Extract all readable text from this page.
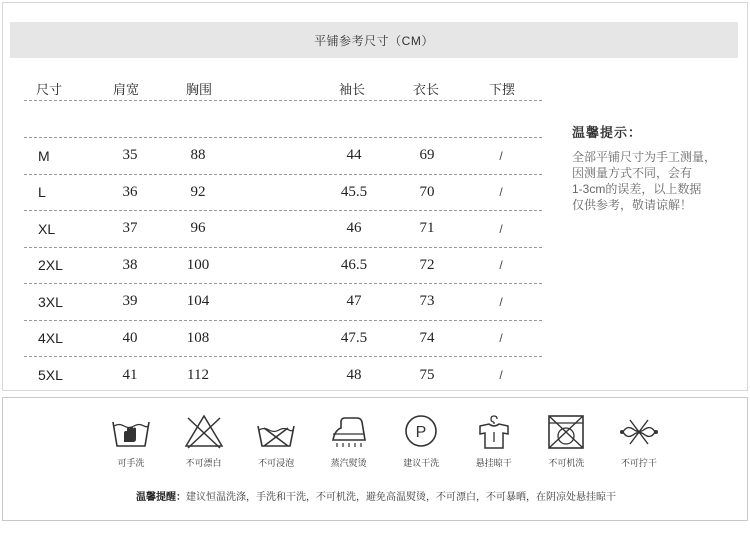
平铺参考尺寸（CM）
尺寸	肩宽	胸围	袖长	衣长	下摆
M	35	88	44	69	/
L	36	92	45.5	70	/
XL	37	96	46	71	/
2XL	38	100	46.5	72	/
3XL	39	104	47	73	/
4XL	40	108	47.5	74	/
5XL	41	112	48	75	/
温馨提示：
全部平铺尺寸为手工测量，
因测量方式不同，会有
1-3cm的误差，以上数据
仅供参考，敬请谅解！
可手洗	不可漂白	不可浸泡	蒸汽熨烫
P
建议干洗	悬挂晾干	不可机洗	不可拧干
温馨提醒：建议恒温洗涤，手洗和干洗，不可机洗，避免高温熨烫，不可漂白，不可暴晒，在阴凉处悬挂晾干
